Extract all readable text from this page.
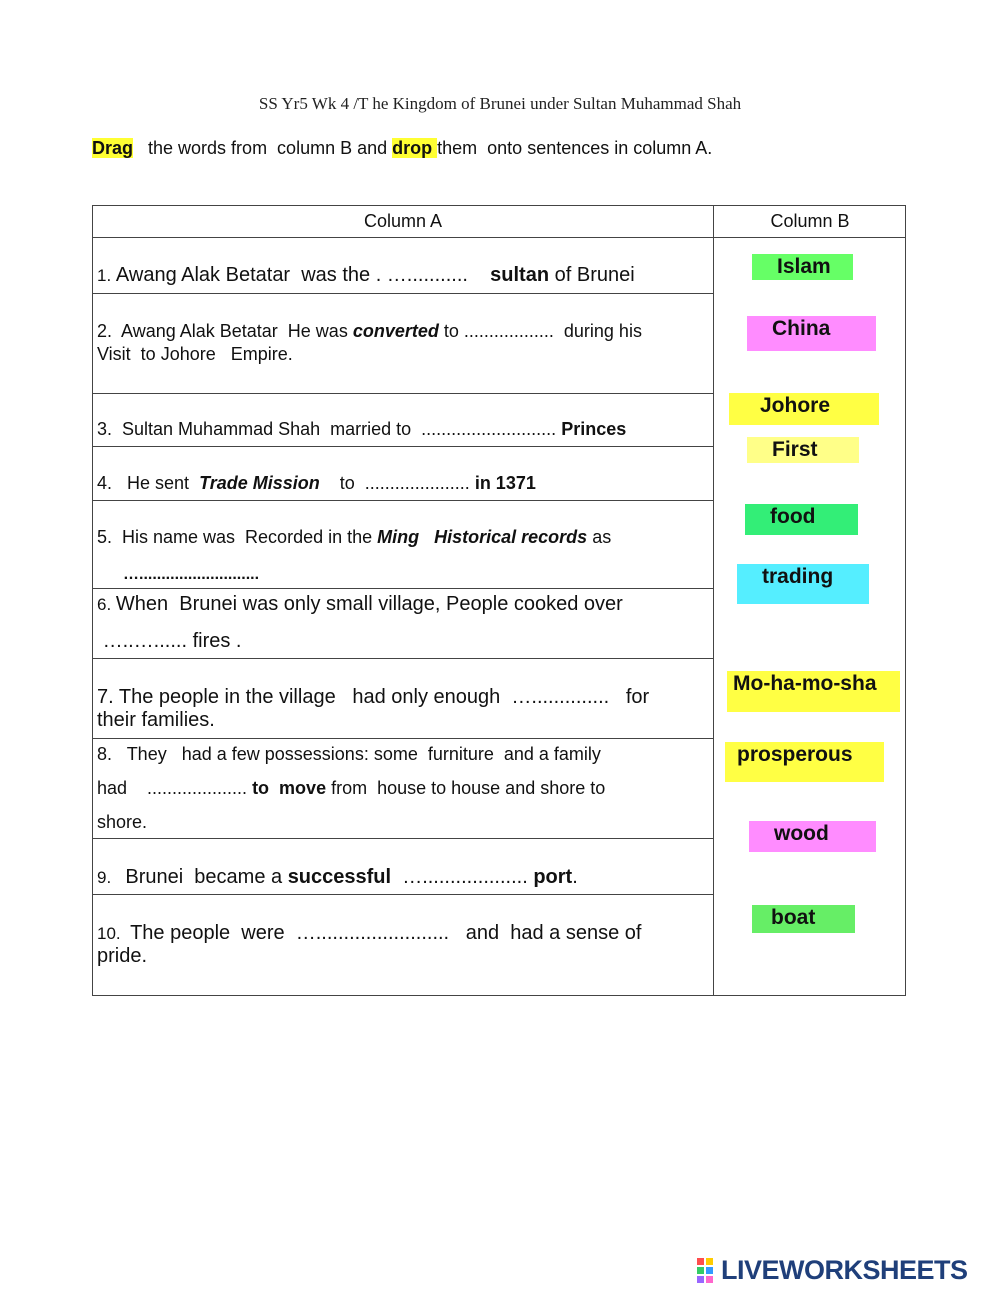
SS Yr5 Wk 4 /T he Kingdom of Brunei under Sultan Muhammad Shah
Drag   the words from  column B and drop them  onto sentences in column A.
Column A	Column B
1. Awang Alak Betatar  was the . …...........    sultan of Brunei
2.  Awang Alak Betatar  He was converted to ..................  during his
Visit  to Johore   Empire.
3.  Sultan Muhammad Shah  married to  ........................... Princes
4.   He sent  Trade Mission    to  ..................... in 1371
5.  His name was  Recorded in the Ming   Historical records as
…...........................
6. When  Brunei was only small village, People cooked over
…..…...... fires .
7. The people in the village   had only enough  …..............   for
their families.
8.   They   had a few possessions: some  furniture  and a family
had    .................... to  move from  house to house and shore to
shore.
9.   Brunei  became a successful  …................... port.
10.  The people  were  …........................   and  had a sense of
pride.
Islam
China
Johore
First
food
trading
Mo-ha-mo-sha
prosperous
wood
boat
LIVEWORKSHEETS
